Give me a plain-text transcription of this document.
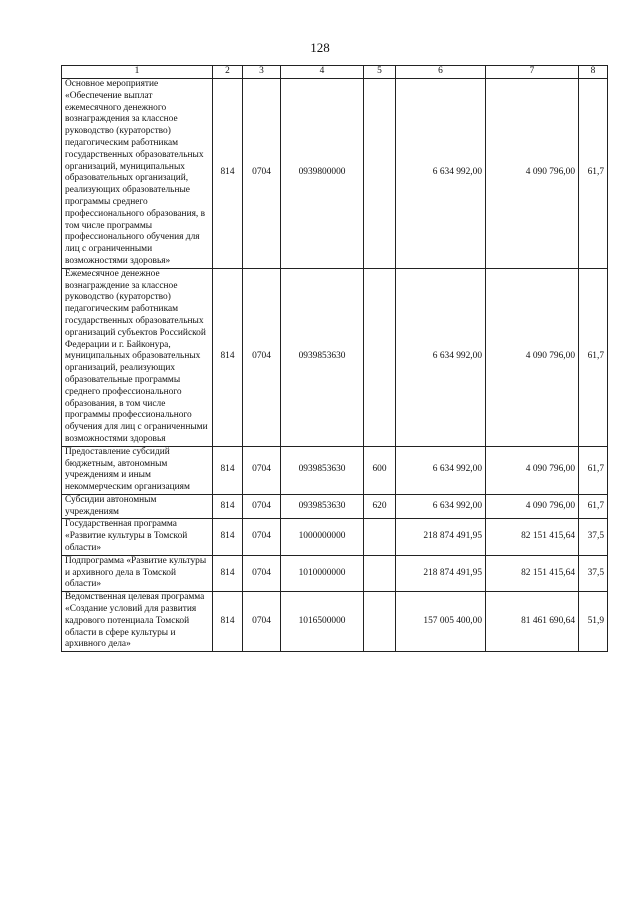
128
1	2	3	4	5	6	7	8
Основное мероприятие «Обеспечение выплат ежемесячного денежного вознаграждения за классное руководство (кураторство) педагогическим работникам государственных образовательных организаций, муниципальных образовательных организаций, реализующих образовательные программы среднего профессионального образования, в том числе программы профессионального обучения для лиц с ограниченными возможностями здоровья»	814	0704	0939800000		6 634 992,00	4 090 796,00	61,7
Ежемесячное денежное вознаграждение за классное руководство (кураторство) педагогическим работникам государственных образовательных организаций субъектов Российской Федерации и г. Байконура, муниципальных образовательных организаций, реализующих образовательные программы среднего профессионального образования, в том числе программы профессионального обучения для лиц с ограниченными возможностями здоровья	814	0704	0939853630		6 634 992,00	4 090 796,00	61,7
Предоставление субсидий бюджетным, автономным учреждениям и иным некоммерческим организациям	814	0704	0939853630	600	6 634 992,00	4 090 796,00	61,7
Субсидии автономным учреждениям	814	0704	0939853630	620	6 634 992,00	4 090 796,00	61,7
Государственная программа «Развитие культуры в Томской области»	814	0704	1000000000		218 874 491,95	82 151 415,64	37,5
Подпрограмма «Развитие культуры и архивного дела в Томской области»	814	0704	1010000000		218 874 491,95	82 151 415,64	37,5
Ведомственная целевая программа «Создание условий для развития кадрового потенциала Томской области в сфере культуры и архивного дела»	814	0704	1016500000		157 005 400,00	81 461 690,64	51,9
